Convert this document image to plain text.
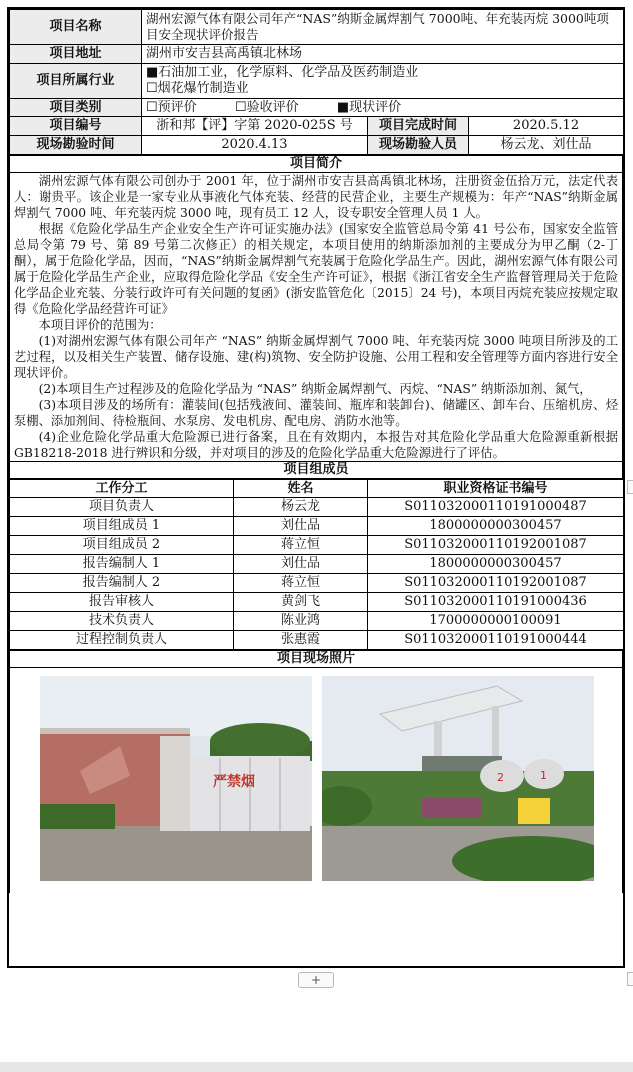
项目名称	湖州宏源气体有限公司年产“NAS”纳斯金属焊割气 7000吨、年充装丙烷 3000吨项目安全现状评价报告		
项目地址	湖州市安吉县高禹镇北林场		
项目所属行业	■石油加工业，化学原料、化学品及医药制造业
☐烟花爆竹制造业		

项目类别	☐预评价 ☐验收评价 ■现状评价		
项目编号	浙和邦【评】字第 2020-025S 号	项目完成时间	2020.5.12
现场勘验时间	2020.4.13	现场勘验人员	杨云龙、刘仕品
项目简介

湖州宏源气体有限公司创办于 2001 年，位于湖州市安吉县高禹镇北林场，注册资金伍拾万元，法定代表人：谢贵平。该企业是一家专业从事液化气体充装、经营的民营企业，主要生产规模为：年产“NAS”纳斯金属焊割气 7000 吨、年充装丙烷 3000 吨，现有员工 12 人，设专职安全管理人员 1 人。

根据《危险化学品生产企业安全生产许可证实施办法》(国家安全监管总局令第 41 号公布，国家安全监管总局令第 79 号、第 89 号第二次修正）的相关规定，本项目使用的纳斯添加剂的主要成分为甲乙酮（2-丁酮），属于危险化学品，因而，“NAS”纳斯金属焊割气充装属于危险化学品生产。因此，湖州宏源气体有限公司属于危险化学品生产企业，应取得危险化学品《安全生产许可证》，根据《浙江省安全生产监督管理局关于危险化学品企业充装、分装行政许可有关问题的复函》(浙安监管危化〔2015〕24 号)，本项目丙烷充装应按规定取得《危险化学品经营许可证》

本项目评价的范围为：

(1)对湖州宏源气体有限公司年产 “NAS” 纳斯金属焊割气 7000 吨、年充装丙烷 3000 吨项目所涉及的工艺过程，以及相关生产装置、储存设施、建(构)筑物、安全防护设施、公用工程和安全管理等方面内容进行安全现状评价。

(2)本项目生产过程涉及的危险化学品为 “NAS” 纳斯金属焊割气、丙烷、“NAS” 纳斯添加剂、氮气，

(3)本项目涉及的场所有：灌装间(包括残液间、灌装间、瓶库和装卸台)、储罐区、卸车台、压缩机房、烃泵棚、添加剂间、待检瓶间、水泵房、发电机房、配电房、消防水池等。

(4)企业危险化学品重大危险源已进行备案，且在有效期内，本报告对其危险化学品重大危险源重新根据 GB18218-2018 进行辨识和分级，并对项目的涉及的危险化学品重大危险源进行了评估。

项目组成员
工作分工	姓名	职业资格证书编号
项目负责人	杨云龙	S011032000110191000487
项目组成员 1	刘仕品	1800000000300457
项目组成员 2	蒋立恒	S011032000110192001087
报告编制人 1	刘仕品	1800000000300457
报告编制人 2	蒋立恒	S011032000110192001087
报告审核人	黄剑飞	S011032000110191000436
技术负责人	陈业鸿	1700000000100091
过程控制负责人	张惠霞	S011032000110191000444
项目现场照片

严禁烟	2	1
+
